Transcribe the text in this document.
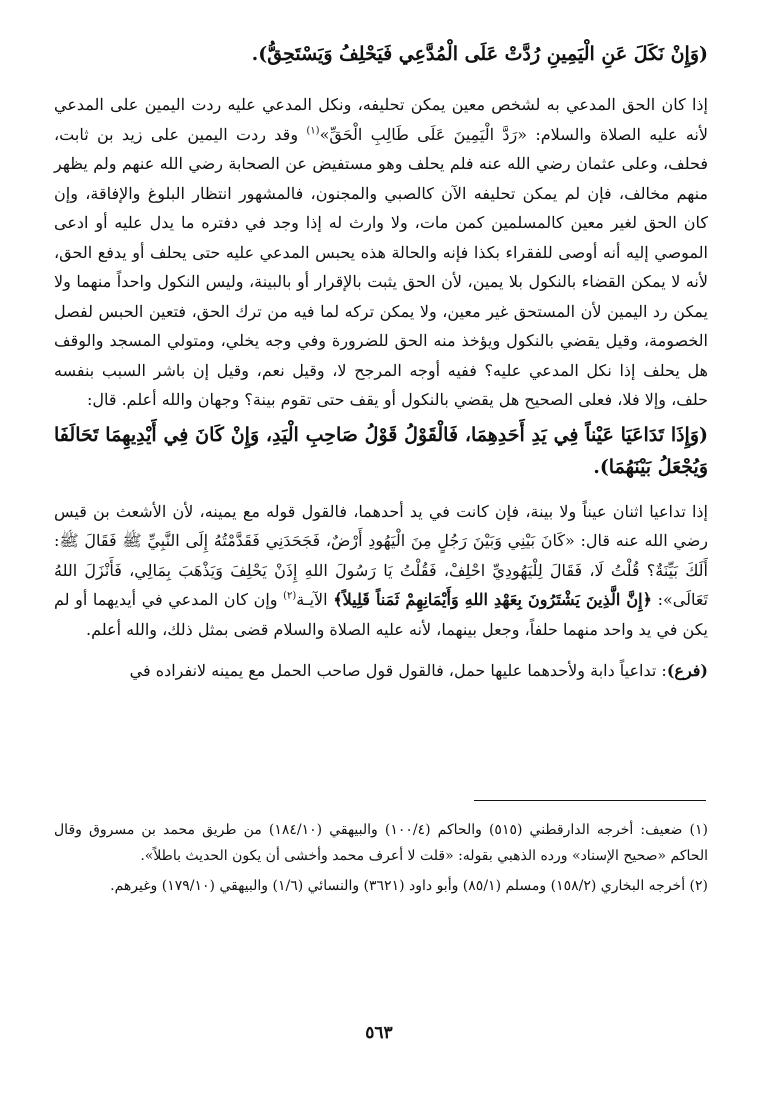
(وَإِنْ نَكَلَ عَنِ الْيَمِينِ رُدَّتْ عَلَى الْمُدَّعِي فَيَحْلِفُ وَيَسْتَحِقُّ).

إذا كان الحق المدعي به لشخص معين يمكن تحليفه، ونكل المدعي عليه ردت اليمين على المدعي لأنه عليه الصلاة والسلام: «رَدَّ الْيَمِينَ عَلَى طَالِبِ الْحَقِّ»$^{(١)}$ وقد ردت اليمين على زيد بن ثابت، فحلف، وعلى عثمان رضي الله عنه فلم يحلف وهو مستفيض عن الصحابة رضي الله عنهم ولم يظهر منهم مخالف، فإن لم يمكن تحليفه الآن كالصبي والمجنون، فالمشهور انتظار البلوغ والإفاقة، وإن كان الحق لغير معين كالمسلمين كمن مات، ولا وارث له إذا وجد في دفتره ما يدل عليه أو ادعى الموصي إليه أنه أوصى للفقراء بكذا فإنه والحالة هذه يحبس المدعي عليه حتى يحلف أو يدفع الحق، لأنه لا يمكن القضاء بالنكول بلا يمين، لأن الحق يثبت بالإقرار أو بالبينة، وليس النكول واحداً منهما ولا يمكن رد اليمين لأن المستحق غير معين، ولا يمكن تركه لما فيه من ترك الحق، فتعين الحبس لفصل الخصومة، وقيل يقضي بالنكول ويؤخذ منه الحق للضرورة وفي وجه يخلي، ومتولي المسجد والوقف هل يحلف إذا نكل المدعي عليه؟ ففيه أوجه المرجح لا، وقيل نعم، وقيل إن باشر السبب بنفسه حلف، وإلا فلا، فعلى الصحيح هل يقضي بالنكول أو يقف حتى تقوم بينة؟ وجهان والله أعلم. قال:

(وَإِذَا تَدَاعَيَا عَيْناً فِي يَدِ أَحَدِهِمَا، فَالْقَوْلُ قَوْلُ صَاحِبِ الْيَدِ، وَإِنْ كَانَ فِي أَيْدِيهِمَا تَحَالَفَا وَيُجْعَلُ بَيْنَهُمَا).

إذا تداعيا اثنان عيناً ولا بينة، فإن كانت في يد أحدهما، فالقول قوله مع يمينه، لأن الأشعث بن قيس رضي الله عنه قال: «كَانَ بَيْنِي وَبَيْنَ رَجُلٍ مِنَ الْيَهُودِ أَرْضٌ، فَجَحَدَنِي فَقَدَّمْتُهُ إِلَى النَّبِيِّ ﷺ فَقَالَ ﷺ: أَلَكَ بَيِّنَةٌ؟ قُلْتُ لَا، فَقَالَ لِلْيَهُودِيِّ احْلِفْ، فَقُلْتُ يَا رَسُولَ اللهِ إِذَنْ يَحْلِفَ وَيَذْهَبَ بِمَالِي، فَأَنْزَلَ اللهُ تَعَالَى»: ﴿إِنَّ الَّذِينَ يَشْتَرُونَ بِعَهْدِ اللهِ وَأَيْمَانِهِمْ ثَمَناً قَلِيلاً﴾ الآيـة$^{(٢)}$ وإن كان المدعي في أيديهما أو لم يكن في يد واحد منهما حلفاً، وجعل بينهما، لأنه عليه الصلاة والسلام قضى بمثل ذلك، والله أعلم.

(فرع): تداعياً دابة ولأحدهما عليها حمل، فالقول قول صاحب الحمل مع يمينه لانفراده في

(١) ضعيف: أخرجه الدارقطني (٥١٥) والحاكم (١٠٠/٤) والبيهقي (١٨٤/١٠) من طريق محمد بن مسروق وقال الحاكم «صحيح الإسناد» ورده الذهبي بقوله: «قلت لا أعرف محمد وأخشى أن يكون الحديث باطلاً».

(٢) أخرجه البخاري (١٥٨/٢) ومسلم (٨٥/١) وأبو داود (٣٦٢١) والنسائي (١/٦) والبيهقي (١٧٩/١٠) وغيرهم.

٥٦٣
